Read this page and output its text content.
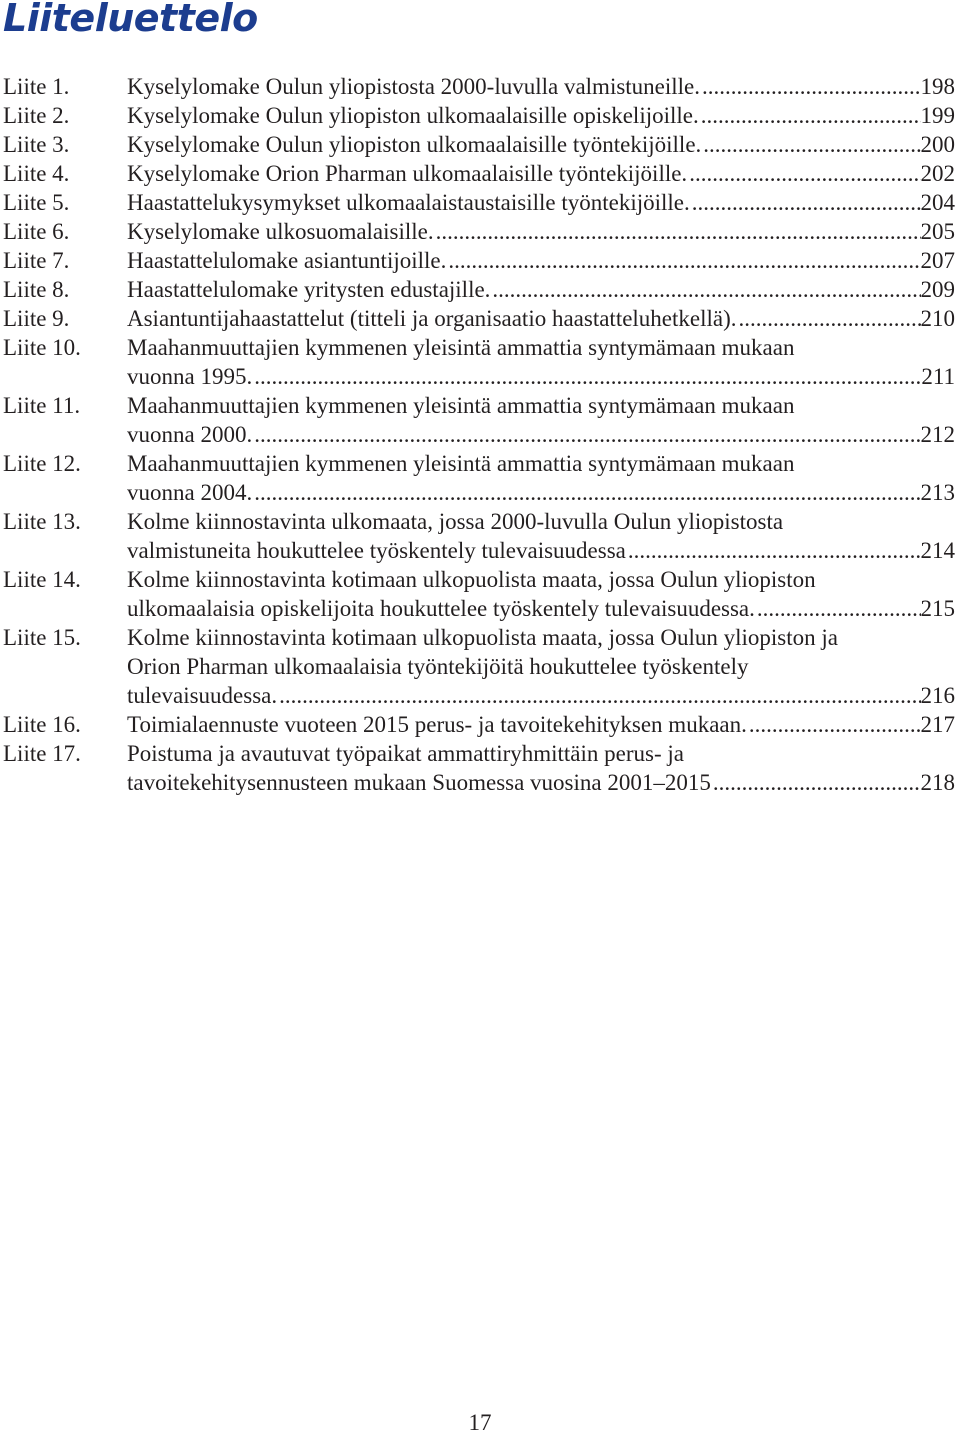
Liiteluettelo
Liite 1.	Kyselylomake Oulun yliopistosta 2000-luvulla valmistuneille. .....	198
Liite 2.	Kyselylomake Oulun yliopiston ulkomaalaisille opiskelijoille. .....	199
Liite 3.	Kyselylomake Oulun yliopiston ulkomaalaisille työntekijöille. .....	200
Liite 4.	Kyselylomake Orion Pharman ulkomaalaisille työntekijöille. .....	202
Liite 5.	Haastattelukysymykset ulkomaalaistaustaisille työntekijöille. .....	204
Liite 6.	Kyselylomake ulkosuomalaisille. .....	205
Liite 7.	Haastattelulomake asiantuntijoille. .....	207
Liite 8.	Haastattelulomake yritysten edustajille. .....	209
Liite 9.	Asiantuntijahaastattelut (titteli ja organisaatio haastatteluhetkellä). .....	210
Liite 10.	Maahanmuuttajien kymmenen yleisintä ammattia syntymämaan mukaan
vuonna 1995. .....	211
Liite 11.	Maahanmuuttajien kymmenen yleisintä ammattia syntymämaan mukaan
vuonna 2000. .....	212
Liite 12.	Maahanmuuttajien kymmenen yleisintä ammattia syntymämaan mukaan
vuonna 2004. .....	213
Liite 13.	Kolme kiinnostavinta ulkomaata, jossa 2000-luvulla Oulun yliopistosta
valmistuneita houkuttelee työskentely tulevaisuudessa .....	214
Liite 14.	Kolme kiinnostavinta kotimaan ulkopuolista maata, jossa Oulun yliopiston
ulkomaalaisia opiskelijoita houkuttelee työskentely tulevaisuudessa. .....	215
Liite 15.	Kolme kiinnostavinta kotimaan ulkopuolista maata, jossa Oulun yliopiston ja
Orion Pharman ulkomaalaisia työntekijöitä houkuttelee työskentely
tulevaisuudessa. .....	216
Liite 16.	Toimialaennuste vuoteen 2015 perus- ja tavoitekehityksen mukaan. .....	217
Liite 17.	Poistuma ja avautuvat työpaikat ammattiryhmittäin perus- ja
tavoitekehitysennusteen mukaan Suomessa vuosina 2001–2015 .....	218
17
